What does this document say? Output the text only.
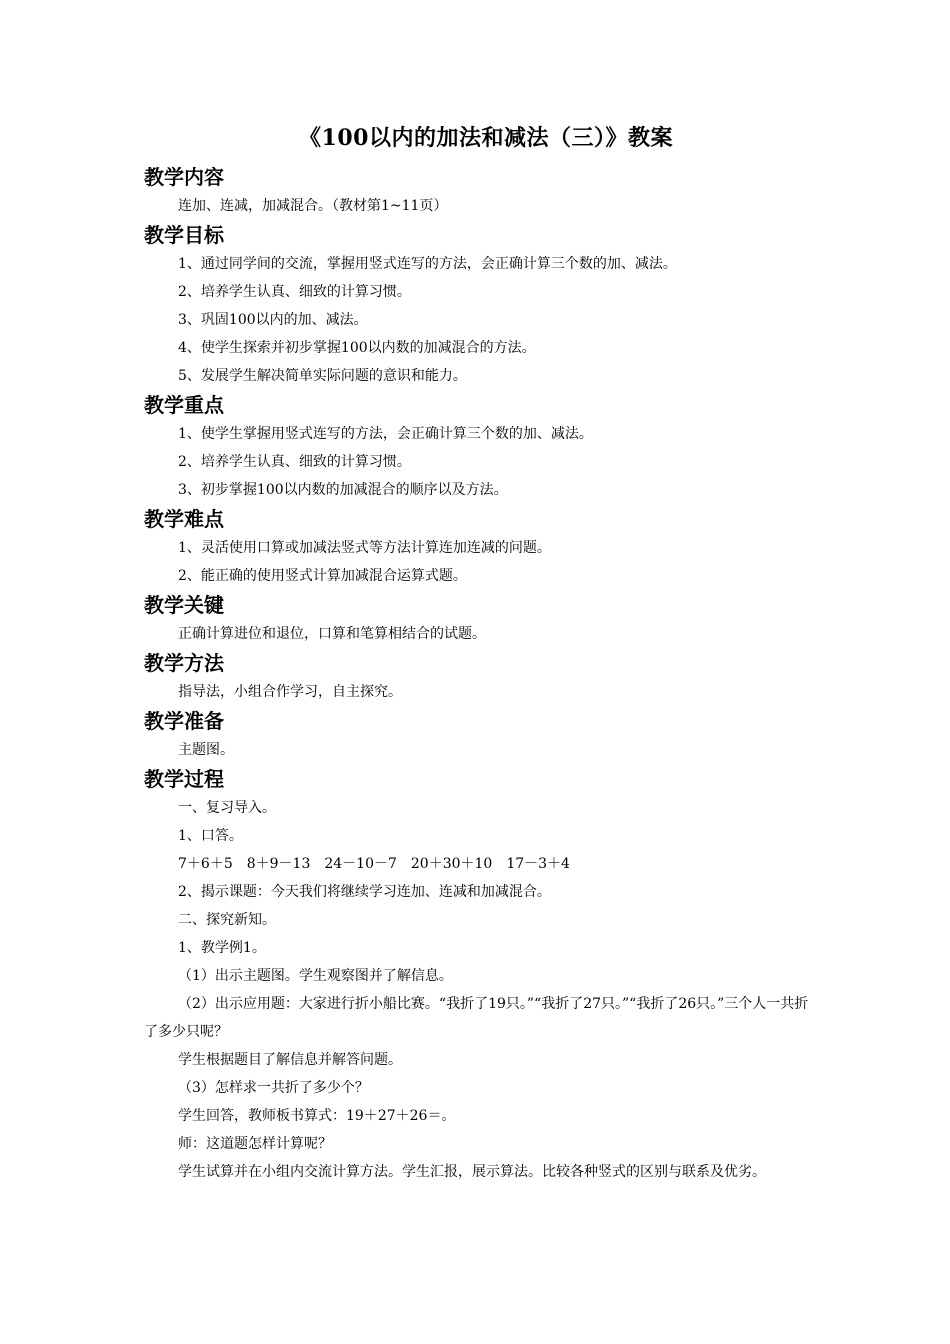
《100以内的加法和减法（三）》教案
教学内容

连加、连减，加减混合。（教材第1~11页）

教学目标

1、通过同学间的交流，掌握用竖式连写的方法，会正确计算三个数的加、减法。

2、培养学生认真、细致的计算习惯。

3、巩固100以内的加、减法。

4、使学生探索并初步掌握100以内数的加减混合的方法。

5、发展学生解决简单实际问题的意识和能力。

教学重点

1、使学生掌握用竖式连写的方法，会正确计算三个数的加、减法。

2、培养学生认真、细致的计算习惯。

3、初步掌握100以内数的加减混合的顺序以及方法。

教学难点

1、灵活使用口算或加减法竖式等方法计算连加连减的问题。

2、能正确的使用竖式计算加减混合运算式题。

教学关键

正确计算进位和退位，口算和笔算相结合的试题。

教学方法

指导法，小组合作学习，自主探究。

教学准备

主题图。

教学过程

一、复习导入。

1、口答。

7＋6＋5　8＋9－13　24－10－7　20＋30＋10　17－3＋4

2、揭示课题：今天我们将继续学习连加、连减和加减混合。

二、探究新知。

1、教学例1。

（1）出示主题图。学生观察图并了解信息。

（2）出示应用题：大家进行折小船比赛。“我折了19只。”“我折了27只。”“我折了26只。”三个人一共折了多少只呢？

学生根据题目了解信息并解答问题。

（3）怎样求一共折了多少个？

学生回答，教师板书算式：19＋27＋26＝。

师：这道题怎样计算呢？

学生试算并在小组内交流计算方法。学生汇报，展示算法。比较各种竖式的区别与联系及优劣。
